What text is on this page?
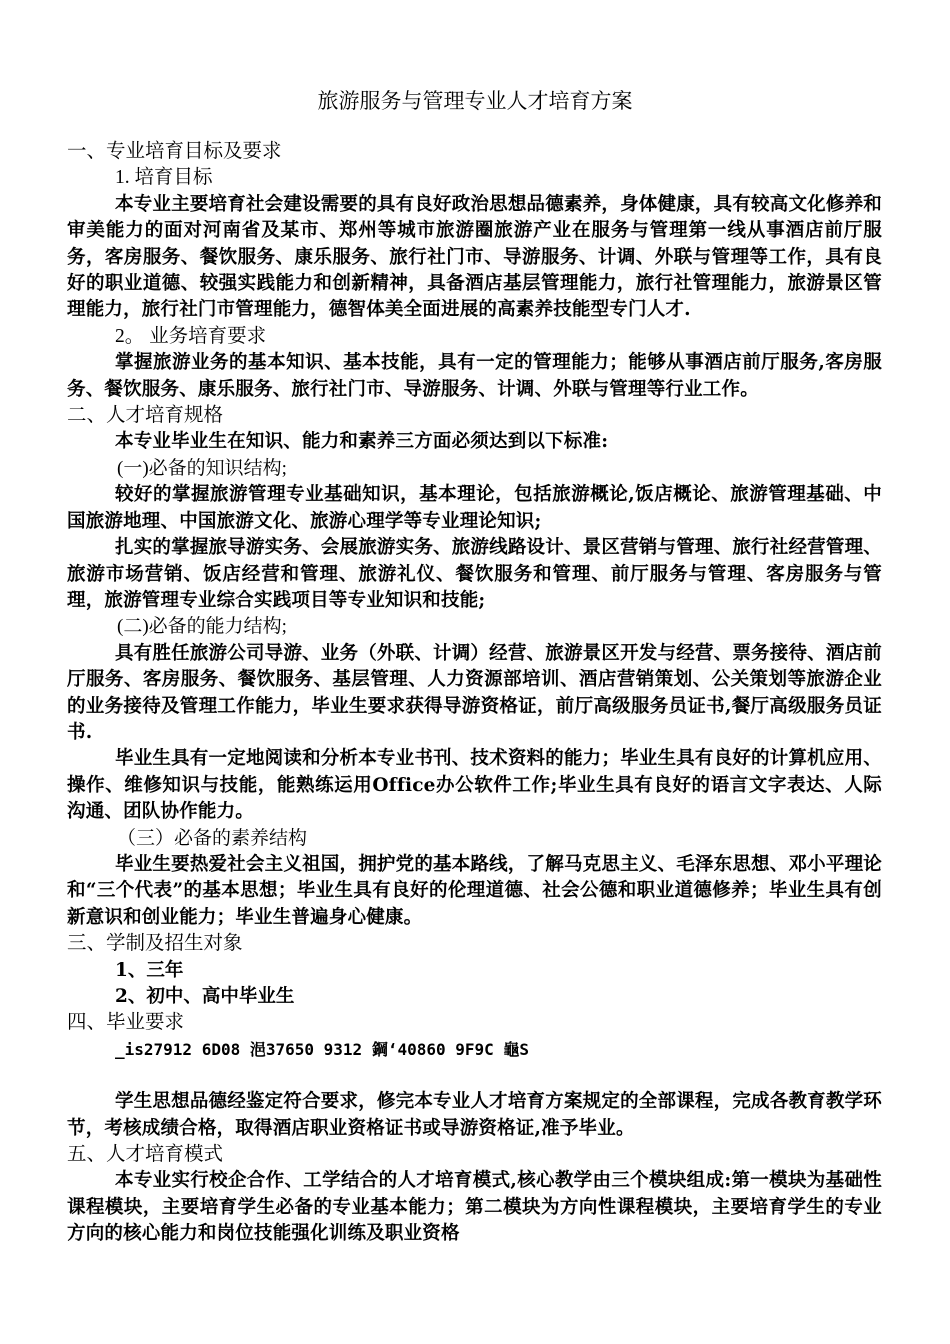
旅游服务与管理专业人才培育方案

一、专业培育目标及要求

1. 培育目标

本专业主要培育社会建设需要的具有良好政治思想品德素养，身体健康，具有较高文化修养和审美能力的面对河南省及某市、郑州等城市旅游圈旅游产业在服务与管理第一线从事酒店前厅服务，客房服务、餐饮服务、康乐服务、旅行社门市、导游服务、计调、外联与管理等工作，具有良好的职业道德、较强实践能力和创新精神，具备酒店基层管理能力，旅行社管理能力，旅游景区管理能力，旅行社门市管理能力，德智体美全面进展的高素养技能型专门人才.

2。 业务培育要求

掌握旅游业务的基本知识、基本技能，具有一定的管理能力；能够从事酒店前厅服务,客房服务、餐饮服务、康乐服务、旅行社门市、导游服务、计调、外联与管理等行业工作。

二、人才培育规格

本专业毕业生在知识、能力和素养三方面必须达到以下标准:

(一)必备的知识结构;

较好的掌握旅游管理专业基础知识，基本理论，包括旅游概论,饭店概论、旅游管理基础、中国旅游地理、中国旅游文化、旅游心理学等专业理论知识;

扎实的掌握旅导游实务、会展旅游实务、旅游线路设计、景区营销与管理、旅行社经营管理、旅游市场营销、饭店经营和管理、旅游礼仪、餐饮服务和管理、前厅服务与管理、客房服务与管理，旅游管理专业综合实践项目等专业知识和技能;

(二)必备的能力结构;

具有胜任旅游公司导游、业务（外联、计调）经营、旅游景区开发与经营、票务接待、酒店前厅服务、客房服务、餐饮服务、基层管理、人力资源部培训、酒店营销策划、公关策划等旅游企业的业务接待及管理工作能力，毕业生要求获得导游资格证，前厅高级服务员证书,餐厅高级服务员证书.

毕业生具有一定地阅读和分析本专业书刊、技术资料的能力；毕业生具有良好的计算机应用、操作、维修知识与技能，能熟练运用Office办公软件工作;毕业生具有良好的语言文字表达、人际沟通、团队协作能力。

（三）必备的素养结构

毕业生要热爱社会主义祖国，拥护党的基本路线，了解马克思主义、毛泽东思想、邓小平理论和“三个代表”的基本思想；毕业生具有良好的伦理道德、社会公德和职业道德修养；毕业生具有创新意识和创业能力；毕业生普遍身心健康。

三、学制及招生对象

1、三年

2、初中、高中毕业生

四、毕业要求

_is27912 6D08 浥37650 9312 鋼‘40860 9F9C 龜S

学生思想品德经鉴定符合要求，修完本专业人才培育方案规定的全部课程，完成各教育教学环节，考核成绩合格，取得酒店职业资格证书或导游资格证,准予毕业。

五、人才培育模式

本专业实行校企合作、工学结合的人才培育模式,核心教学由三个模块组成:第一模块为基础性课程模块，主要培育学生必备的专业基本能力；第二模块为方向性课程模块，主要培育学生的专业方向的核心能力和岗位技能强化训练及职业资格
